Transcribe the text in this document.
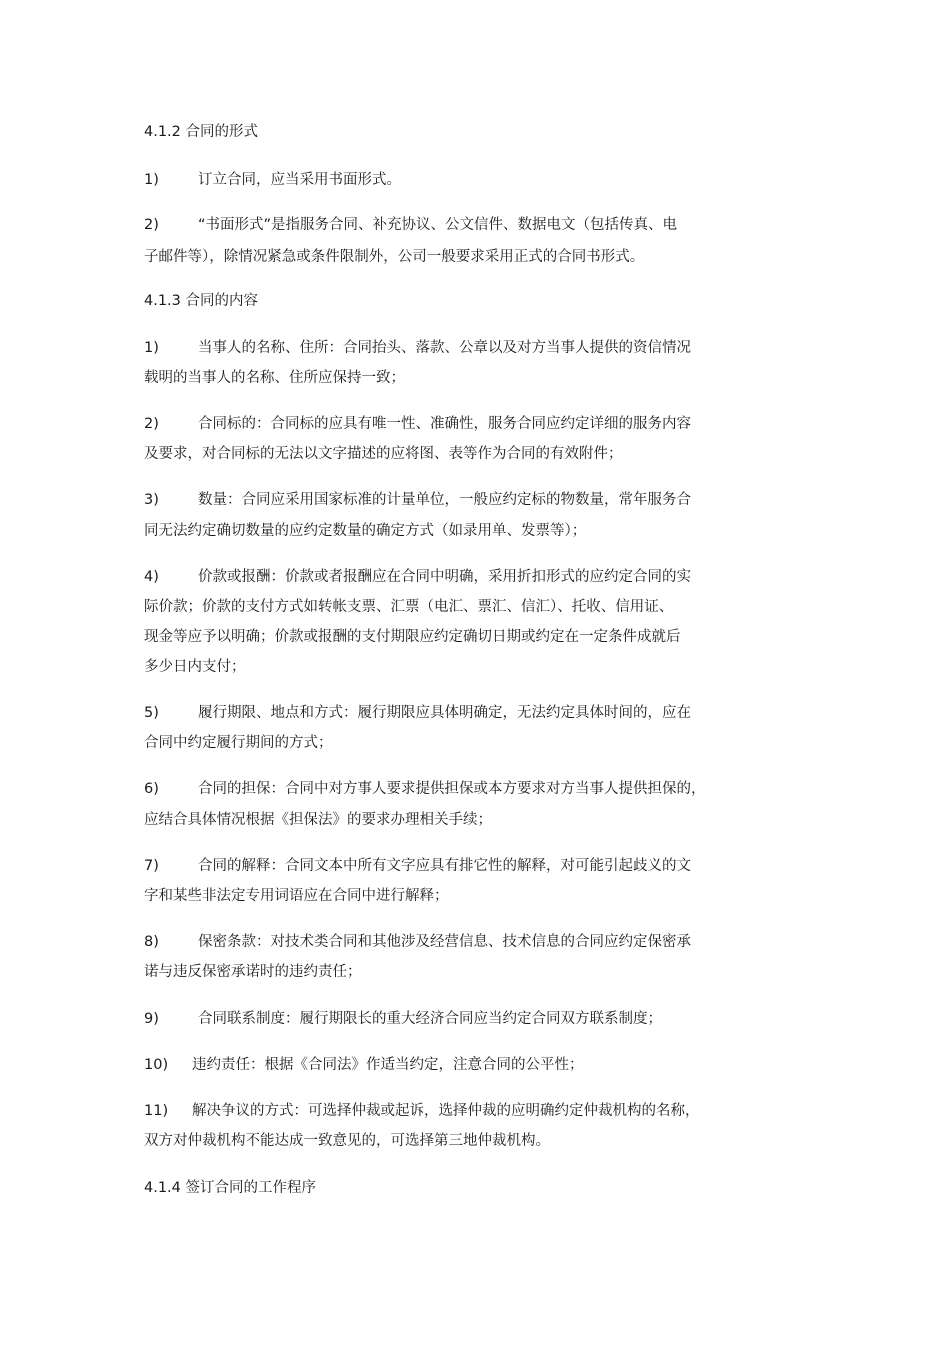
4.1.2 合同的形式
1)	订立合同，应当采用书面形式。
2)	“书面形式”是指服务合同、补充协议、公文信件、数据电文（包括传真、电
子邮件等），除情况紧急或条件限制外，公司一般要求采用正式的合同书形式。
4.1.3 合同的内容
1)	当事人的名称、住所：合同抬头、落款、公章以及对方当事人提供的资信情况
载明的当事人的名称、住所应保持一致；
2)	合同标的：合同标的应具有唯一性、准确性，服务合同应约定详细的服务内容
及要求，对合同标的无法以文字描述的应将图、表等作为合同的有效附件；
3)	数量：合同应采用国家标准的计量单位，一般应约定标的物数量，常年服务合
同无法约定确切数量的应约定数量的确定方式（如录用单、发票等）；
4)	价款或报酬：价款或者报酬应在合同中明确，采用折扣形式的应约定合同的实
际价款；价款的支付方式如转帐支票、汇票（电汇、票汇、信汇）、托收、信用证、
现金等应予以明确；价款或报酬的支付期限应约定确切日期或约定在一定条件成就后
多少日内支付；
5)	履行期限、地点和方式：履行期限应具体明确定，无法约定具体时间的，应在
合同中约定履行期间的方式；
6)	合同的担保：合同中对方事人要求提供担保或本方要求对方当事人提供担保的，
应结合具体情况根据《担保法》的要求办理相关手续；
7)	合同的解释：合同文本中所有文字应具有排它性的解释，对可能引起歧义的文
字和某些非法定专用词语应在合同中进行解释；
8)	保密条款：对技术类合同和其他涉及经营信息、技术信息的合同应约定保密承
诺与违反保密承诺时的违约责任；
9)	合同联系制度：履行期限长的重大经济合同应当约定合同双方联系制度；
10) 违约责任：根据《合同法》作适当约定，注意合同的公平性；
11) 解决争议的方式：可选择仲裁或起诉，选择仲裁的应明确约定仲裁机构的名称，
双方对仲裁机构不能达成一致意见的，可选择第三地仲裁机构。
4.1.4 签订合同的工作程序
